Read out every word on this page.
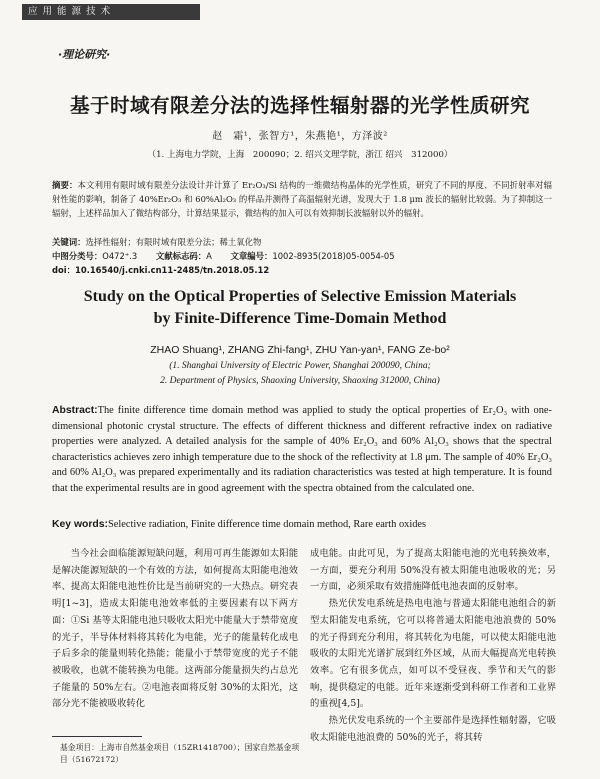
应 用 能 源 技 术
·理论研究·
基于时域有限差分法的选择性辐射器的光学性质研究
赵　霜¹，张智方¹，朱燕艳¹，方泽波²
（1. 上海电力学院，上海　200090；2. 绍兴文理学院，浙江 绍兴　312000）
摘要：本文利用有限时域有限差分法设计并计算了 Er₂O₃/Si 结构的一维微结构晶体的光学性质，研究了不同的厚度、不同折射率对辐射性能的影响，制备了 40%Er₂O₃ 和 60%Al₂O₃ 的样品并测得了高温辐射光谱，发现大于 1.8 μm 波长的辐射比较弱。为了抑制这一辐射，上述样品加入了微结构部分，计算结果显示，微结构的加入可以有效抑制长波辐射以外的辐射。
关键词：选择性辐射；有限时域有限差分法；稀土氧化物
中图分类号：O472⁺.3 文献标志码：A 文章编号：1002-8935(2018)05-0054-05
doi：10.16540/j.cnki.cn11-2485/tn.2018.05.12
Study on the Optical Properties of Selective Emission Materials
by Finite-Difference Time-Domain Method
ZHAO Shuang¹, ZHANG Zhi-fang¹, ZHU Yan-yan¹, FANG Ze-bo²
(1. Shanghai University of Electric Power, Shanghai 200090, China;
2. Department of Physics, Shaoxing University, Shaoxing 312000, China)
Abstract:The finite difference time domain method was applied to study the optical properties of Er₂O₃ with one-dimensional photonic crystal structure. The effects of different thickness and different refractive index on radiative properties were analyzed. A detailed analysis for the sample of 40% Er₂O₃ and 60% Al₂O₃ shows that the spectral characteristics achieves zero inhigh temperature due to the shock of the reflectivity at 1.8 μm. The sample of 40% Er₂O₃ and 60% Al₂O₃ was prepared experimentally and its radiation characteristics was tested at high temperature. It is found that the experimental results are in good agreement with the spectra obtained from the calculated one.
Key words:Selective radiation, Finite difference time domain method, Rare earth oxides

当今社会面临能源短缺问题，利用可再生能源如太阳能是解决能源短缺的一个有效的方法，如何提高太阳能电池效率、提高太阳能电池性价比是当前研究的一大热点。研究表明[1~3]，造成太阳能电池效率低的主要因素有以下两方面：①Si 基等太阳能电池只吸收太阳光中能量大于禁带宽度的光子，半导体材料将其转化为电能，光子的能量转化成电子后多余的能量则转化热能；能量小于禁带宽度的光子不能被吸收，也就不能转换为电能。这两部分能量损失约占总光子能量的 50%左右。②电池表面将反射 30%的太阳光，这部分光不能被吸收转化

成电能。由此可见，为了提高太阳能电池的光电转换效率，一方面，要充分利用 50%没有被太阳能电池吸收的光；另一方面，必须采取有效措施降低电池表面的反射率。

热光伏发电系统是热电电池与普通太阳能电池组合的新型太阳能发电系统，它可以将普通太阳能电池浪费的 50%的光子得到充分利用，将其转化为电能，可以使太阳能电池吸收的太阳光光谱扩展到红外区域，从而大幅提高光电转换效率。它有很多优点，如可以不受昼夜、季节和天气的影响，提供稳定的电能。近年来逐渐受到科研工作者和工业界的重视[4,5]。

热光伏发电系统的一个主要部件是选择性辐射器，它吸收太阳能电池浪费的 50%的光子，将其转

基金项目：上海市自然基金项目（15ZR1418700）；国家自然基金项目（51672172）
